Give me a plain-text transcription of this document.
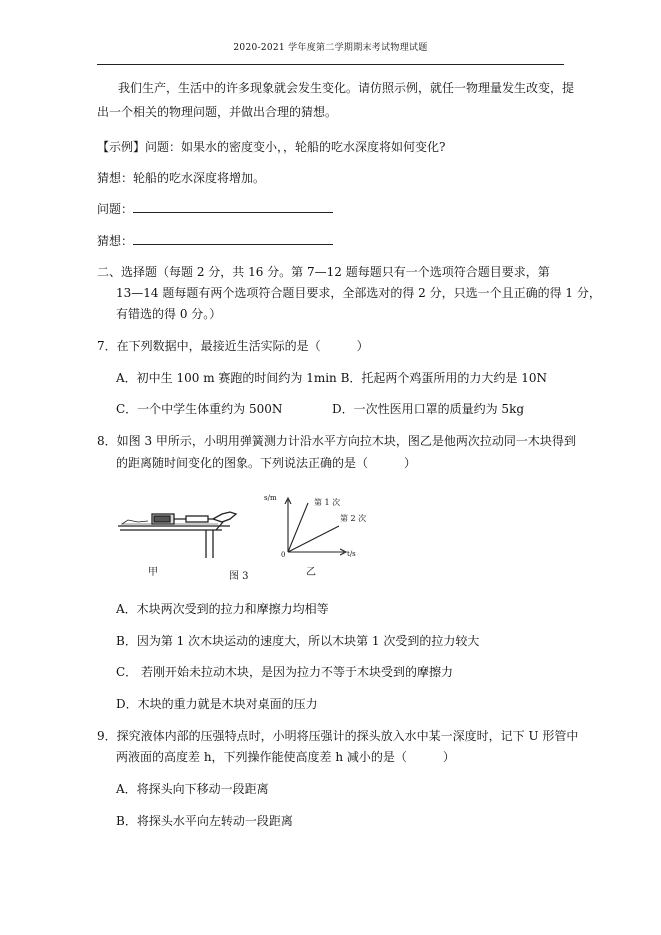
2020-2021 学年度第二学期期末考试物理试题
我们生产，生活中的许多现象就会发生变化。请仿照示例，就任一物理量发生改变，提
出一个相关的物理问题，并做出合理的猜想。
【示例】问题：如果水的密度变小，，轮船的吃水深度将如何变化?
猜想：轮船的吃水深度将增加。
问题：
猜想：
二、选择题（每题 2 分，共 16 分。第 7—12 题每题只有一个选项符合题目要求，第
13—14 题每题有两个选项符合题目要求，全部选对的得 2 分，只选一个且正确的得 1 分，
有错选的得 0 分。）
7．在下列数据中，最接近生活实际的是（　　　）
A．初中生 100 m 赛跑的时间约为 1min B．托起两个鸡蛋所用的力大约是 10N
C．一个中学生体重约为 500N	D．一次性医用口罩的质量约为 5kg
8．如图 3 甲所示，小明用弹簧测力计沿水平方向拉木块，图乙是他两次拉动同一木块得到
的距离随时间变化的图象。下列说法正确的是（　　　）
甲	图 3	乙
s/m
t/s
0
第 1 次
第 2 次
A．木块两次受到的拉力和摩擦力均相等
B．因为第 1 次木块运动的速度大，所以木块第 1 次受到的拉力较大
C． 若刚开始未拉动木块，是因为拉力不等于木块受到的摩擦力
D．木块的重力就是木块对桌面的压力
9．探究液体内部的压强特点时，小明将压强计的探头放入水中某一深度时，记下 U 形管中
两液面的高度差 h，下列操作能使高度差 h 减小的是（　　　）
A．将探头向下移动一段距离
B．将探头水平向左转动一段距离
